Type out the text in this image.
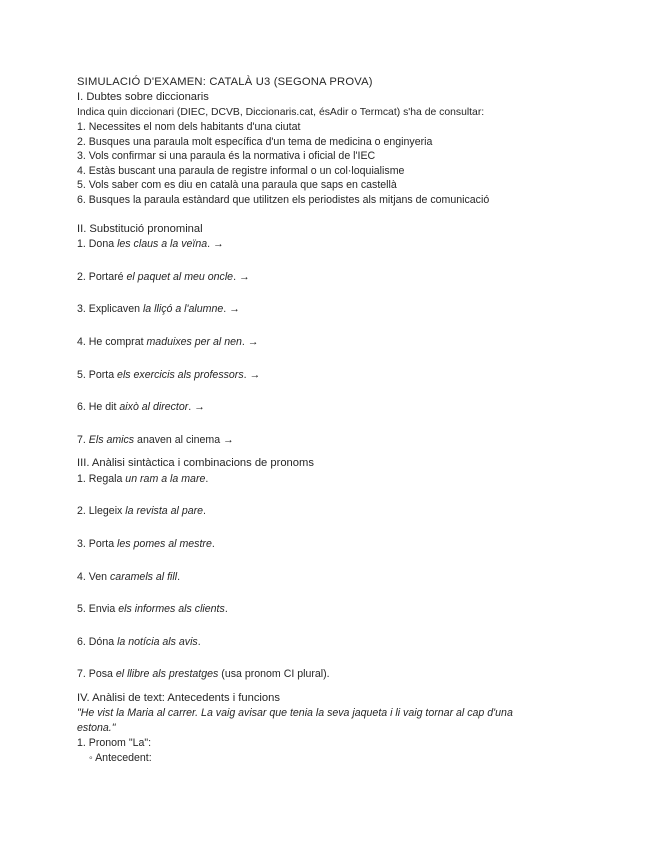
SIMULACIÓ D'EXAMEN: CATALÀ U3 (SEGONA PROVA)

I. Dubtes sobre diccionaris

Indica quin diccionari (DIEC, DCVB, Diccionaris.cat, ésAdir o Termcat) s'ha de consultar:

1. Necessites el nom dels habitants d'una ciutat

2. Busques una paraula molt específica d'un tema de medicina o enginyeria

3. Vols confirmar si una paraula és la normativa i oficial de l'IEC

4. Estàs buscant una paraula de registre informal o un col·loquialisme

5. Vols saber com es diu en català una paraula que saps en castellà

6. Busques la paraula estàndard que utilitzen els periodistes als mitjans de comunicació

II. Substitució pronominal

1. Dona les claus a la veïna. →

2. Portaré el paquet al meu oncle. →

3. Explicaven la lliçó a l'alumne. →

4. He comprat maduixes per al nen. →

5. Porta els exercicis als professors. →

6. He dit això al director. →

7. Els amics anaven al cinema →

III. Anàlisi sintàctica i combinacions de pronoms

1. Regala un ram a la mare.

2. Llegeix la revista al pare.

3. Porta les pomes al mestre.

4. Ven caramels al fill.

5. Envia els informes als clients.

6. Dóna la notícia als avis.

7. Posa el llibre als prestatges (usa pronom CI plural).

IV. Anàlisi de text: Antecedents i funcions

"He vist la Maria al carrer. La vaig avisar que tenia la seva jaqueta i li vaig tornar al cap d'una estona."

1. Pronom "La":

◦ Antecedent:
